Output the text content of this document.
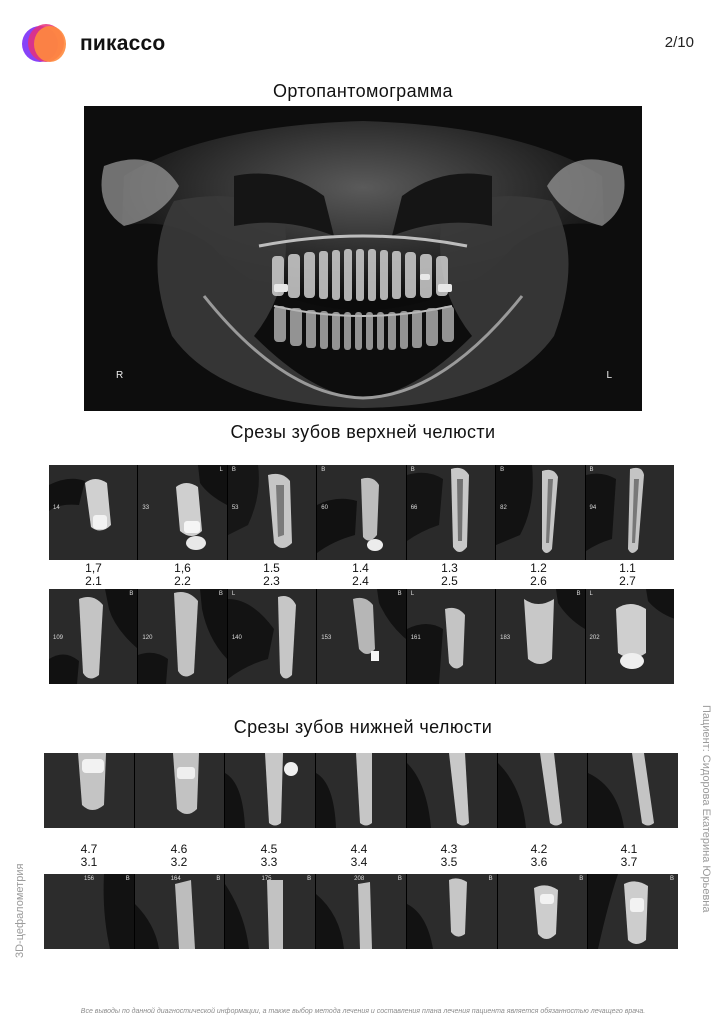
пикассо	2/10
Ортопантомограмма
R	L
Срезы зубов верхней челюсти
14	33
L
53
B
60
B
66
B
82
B
94
B
1,7	1,6	1.5	1.4	1.3	1.2	1.1
2.1	2.2	2.3	2.4	2.5	2.6	2.7
109
B
120
B
140
L
153
B
161
L
183
B
202
L
Срезы зубов нижней челюсти
4.7	4.6	4.5	4.4	4.3	4.2	4.1
3.1	3.2	3.3	3.4	3.5	3.6	3.7
156	B	164	B	175	B	208	B	B	B	B
3D-цефалометрия	Пациент: Сидорова Екатерина Юрьевна
Все выводы по данной диагностической информации, а также выбор метода лечения и составления плана лечения пациента является обязанностью лечащего врача.
